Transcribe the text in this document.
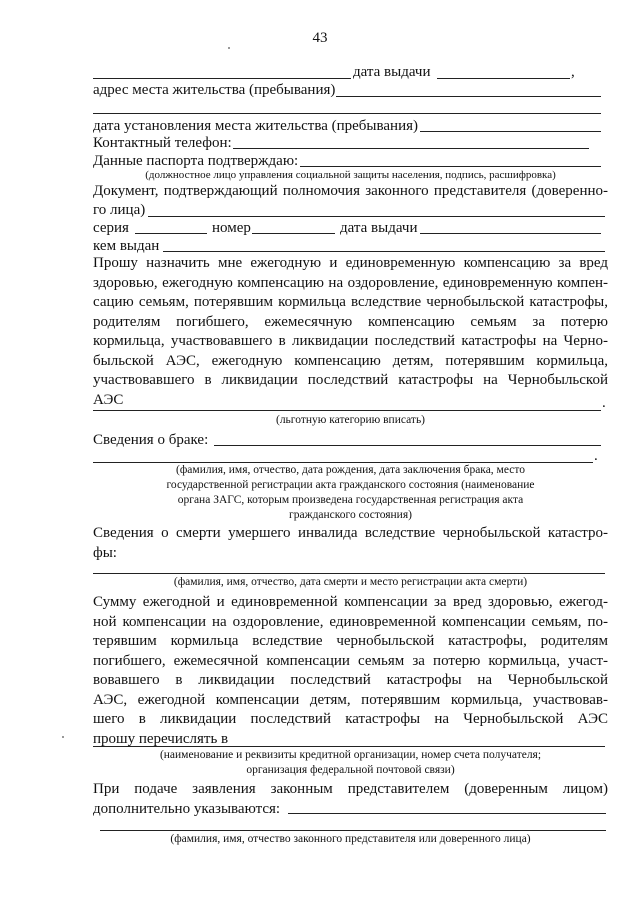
43
дата выдачи	,
адрес места жительства (пребывания)
дата установления места жительства (пребывания)
Контактный телефон:
Данные паспорта подтверждаю:
(должностное лицо управления социальной защиты населения, подпись, расшифровка)
Документ, подтверждающий полномочия законного представителя (доверенно-
го лица)
серия	номер	дата выдачи
кем выдан
Прошу назначить мне ежегодную и единовременную компенсацию за вред
здоровью, ежегодную компенсацию на оздоровление, единовременную компен-
сацию семьям, потерявшим кормильца вследствие чернобыльской катастрофы,
родителям погибшего, ежемесячную компенсацию семьям за потерю
кормильца, участвовавшего в ликвидации последствий катастрофы на Черно-
быльской АЭС, ежегодную компенсацию детям, потерявшим кормильца,
участвовавшего в ликвидации последствий катастрофы на Чернобыльской
АЭС	.
(льготную категорию вписать)
Сведения о браке:
.
(фамилия, имя, отчество, дата рождения, дата заключения брака, место
государственной регистрации акта гражданского состояния (наименование
органа ЗАГС, которым произведена государственная регистрация акта
гражданского состояния)
Сведения о смерти умершего инвалида вследствие чернобыльской катастро-
фы:
(фамилия, имя, отчество, дата смерти и место регистрации акта смерти)
Сумму ежегодной и единовременной компенсации за вред здоровью, ежегод-
ной компенсации на оздоровление, единовременной компенсации семьям, по-
терявшим кормильца вследствие чернобыльской катастрофы, родителям
погибшего, ежемесячной компенсации семьям за потерю кормильца, участ-
вовавшего в ликвидации последствий катастрофы на Чернобыльской
АЭС, ежегодной компенсации детям, потерявшим кормильца, участвовав-
шего в ликвидации последствий катастрофы на Чернобыльской АЭС
прошу перечислять в
(наименование и реквизиты кредитной организации, номер счета получателя;
организация федеральной почтовой связи)
При подаче заявления законным представителем (доверенным лицом)
дополнительно указываются:
(фамилия, имя, отчество законного представителя или доверенного лица)
